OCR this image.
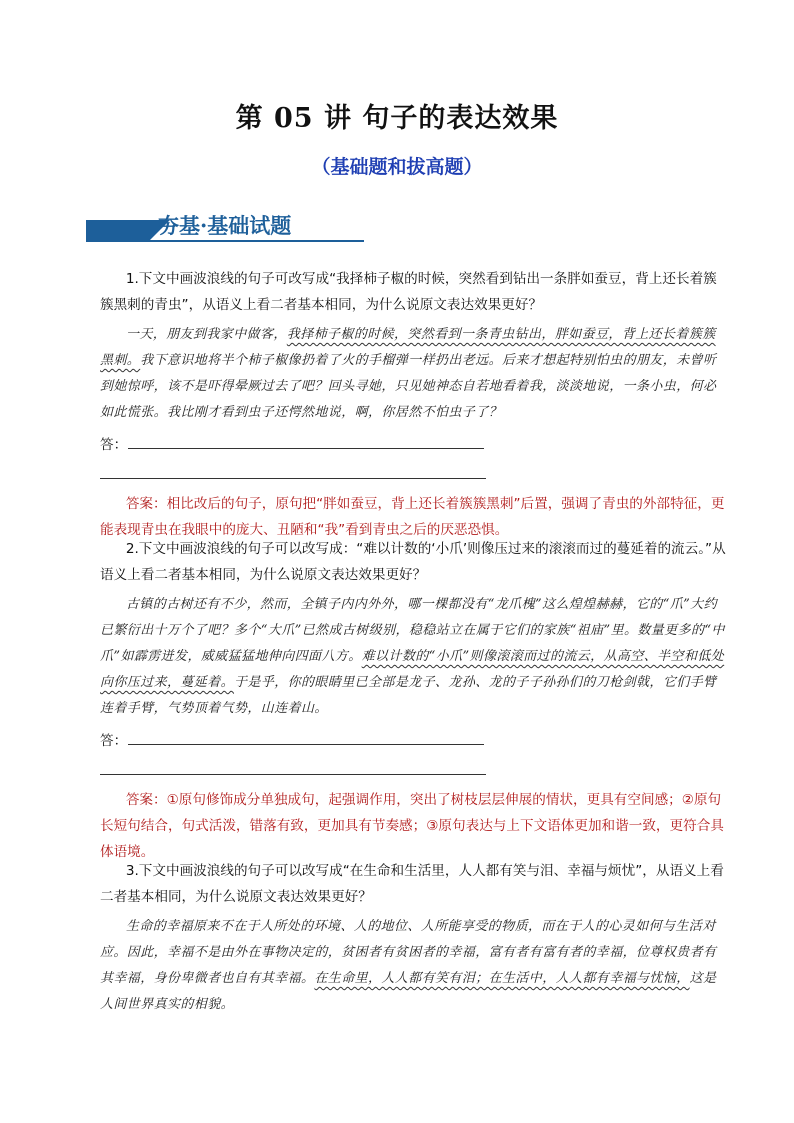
第 05 讲 句子的表达效果
（基础题和拔高题）
夯基·基础试题
1.下文中画波浪线的句子可改写成“我择柿子椒的时候，突然看到钻出一条胖如蚕豆，背上还长着簇簇黑刺的青虫”，从语义上看二者基本相同，为什么说原文表达效果更好？
一天，朋友到我家中做客，我择柿子椒的时候，突然看到一条青虫钻出，胖如蚕豆，背上还长着簇簇黑刺。我下意识地将半个柿子椒像扔着了火的手榴弹一样扔出老远。后来才想起特别怕虫的朋友，未曾听到她惊呼，该不是吓得晕厥过去了吧？回头寻她，只见她神态自若地看着我，淡淡地说，一条小虫，何必如此慌张。我比刚才看到虫子还愕然地说，啊，你居然不怕虫子了？
答：
答案：相比改后的句子，原句把“胖如蚕豆，背上还长着簇簇黑刺”后置，强调了青虫的外部特征，更能表现青虫在我眼中的庞大、丑陋和“我”看到青虫之后的厌恶恐惧。
2.下文中画波浪线的句子可以改写成：“难以计数的‘小爪’则像压过来的滚滚而过的蔓延着的流云。”从语义上看二者基本相同，为什么说原文表达效果更好？
古镇的古树还有不少，然而，全镇子内内外外，哪一棵都没有“龙爪槐”这么煌煌赫赫，它的“爪”大约已繁衍出十万个了吧？多个“大爪”已然成古树级别，稳稳站立在属于它们的家族“祖庙”里。数量更多的“中爪”如霹雳迸发，威威猛猛地伸向四面八方。难以计数的“小爪”则像滚滚而过的流云，从高空、半空和低处向你压过来，蔓延着。于是乎，你的眼睛里已全部是龙子、龙孙、龙的子子孙孙们的刀枪剑戟，它们手臂连着手臂，气势顶着气势，山连着山。
答：
答案：①原句修饰成分单独成句，起强调作用，突出了树枝层层伸展的情状，更具有空间感；②原句长短句结合，句式活泼，错落有致，更加具有节奏感；③原句表达与上下文语体更加和谐一致，更符合具体语境。
3.下文中画波浪线的句子可以改写成“在生命和生活里，人人都有笑与泪、幸福与烦忧”，从语义上看二者基本相同，为什么说原文表达效果更好？
生命的幸福原来不在于人所处的环境、人的地位、人所能享受的物质，而在于人的心灵如何与生活对应。因此，幸福不是由外在事物决定的，贫困者有贫困者的幸福，富有者有富有者的幸福，位尊权贵者有其幸福，身份卑微者也自有其幸福。在生命里，人人都有笑有泪；在生活中，人人都有幸福与忧恼，这是人间世界真实的相貌。
